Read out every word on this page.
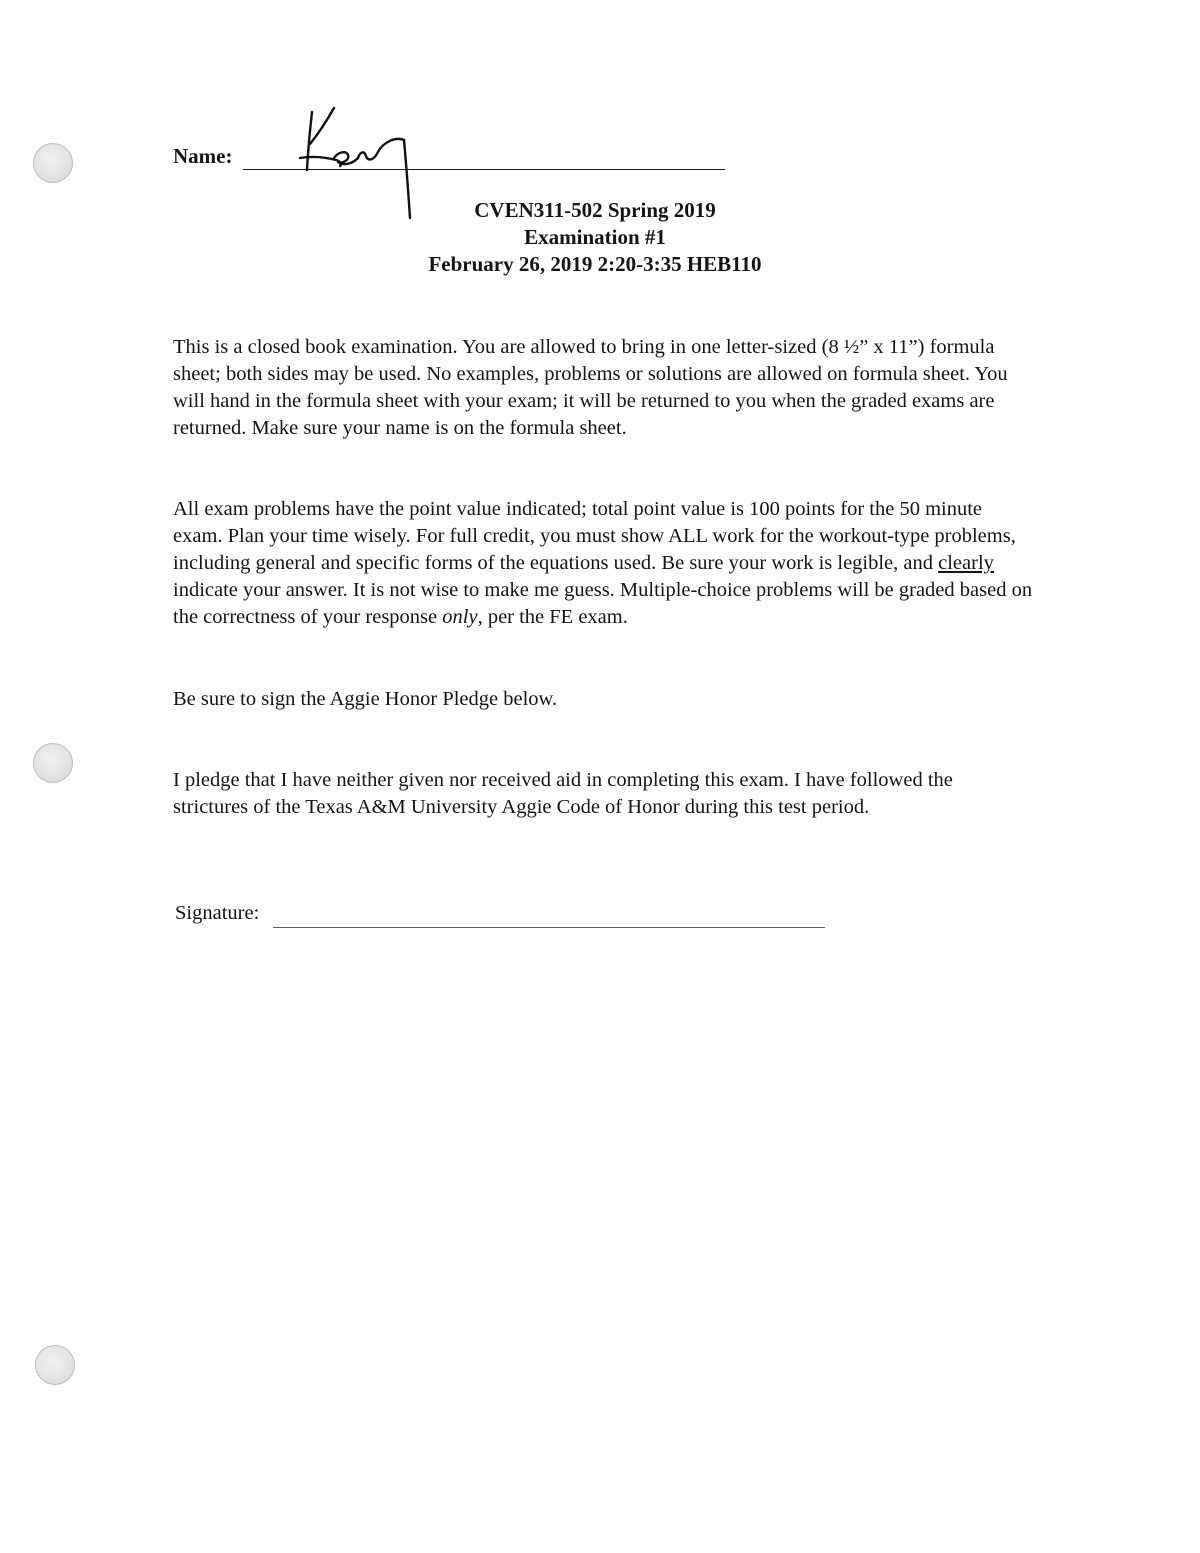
Name:
CVEN311-502 Spring 2019
Examination #1
February 26, 2019 2:20-3:35 HEB110
This is a closed book examination. You are allowed to bring in one letter-sized (8 ½” x 11”) formula sheet; both sides may be used. No examples, problems or solutions are allowed on formula sheet. You will hand in the formula sheet with your exam; it will be returned to you when the graded exams are returned. Make sure your name is on the formula sheet.
All exam problems have the point value indicated; total point value is 100 points for the 50 minute exam. Plan your time wisely. For full credit, you must show ALL work for the workout-type problems, including general and specific forms of the equations used. Be sure your work is legible, and clearly indicate your answer. It is not wise to make me guess. Multiple-choice problems will be graded based on the correctness of your response only, per the FE exam.
Be sure to sign the Aggie Honor Pledge below.
I pledge that I have neither given nor received aid in completing this exam. I have followed the strictures of the Texas A&M University Aggie Code of Honor during this test period.
Signature:
